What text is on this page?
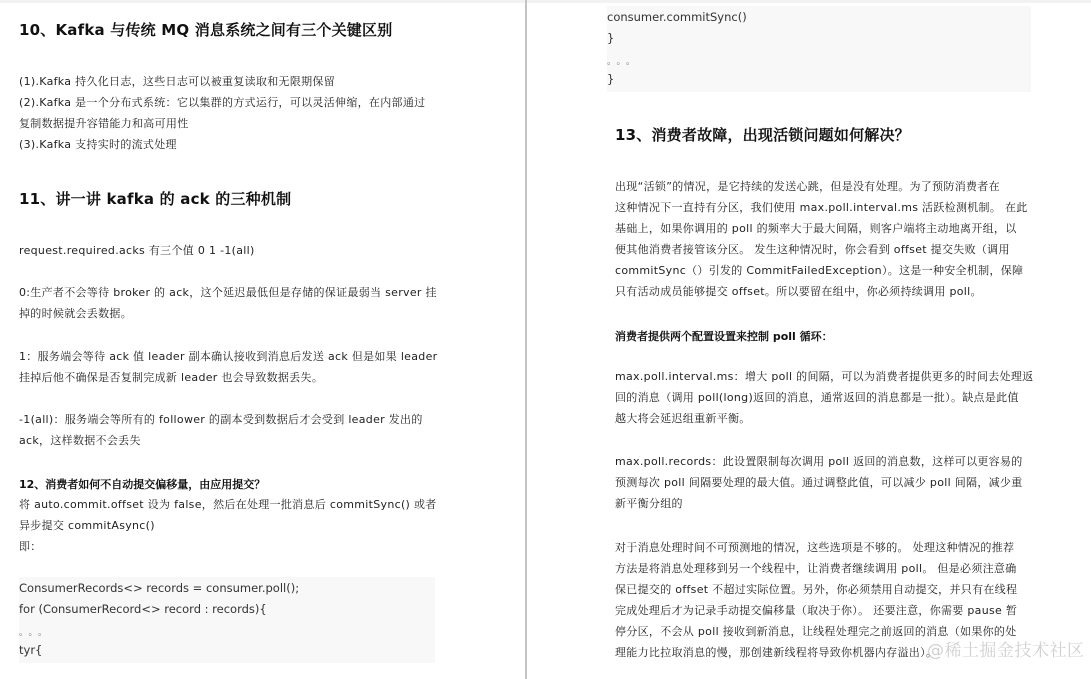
10、Kafka 与传统 MQ 消息系统之间有三个关键区别
(1).Kafka 持久化日志，这些日志可以被重复读取和无限期保留
(2).Kafka 是一个分布式系统：它以集群的方式运行，可以灵活伸缩，在内部通过
复制数据提升容错能力和高可用性
(3).Kafka 支持实时的流式处理
11、讲一讲 kafka 的 ack 的三种机制
request.required.acks 有三个值 0 1 -1(all)
0:生产者不会等待 broker 的 ack，这个延迟最低但是存储的保证最弱当 server 挂
掉的时候就会丢数据。
1：服务端会等待 ack 值 leader 副本确认接收到消息后发送 ack 但是如果 leader
挂掉后他不确保是否复制完成新 leader 也会导致数据丢失。
-1(all)：服务端会等所有的 follower 的副本受到数据后才会受到 leader 发出的
ack，这样数据不会丢失
12、消费者如何不自动提交偏移量，由应用提交？
将 auto.commit.offset 设为 false，然后在处理一批消息后 commitSync() 或者
异步提交 commitAsync()
即：
ConsumerRecords<> records = consumer.poll();
for (ConsumerRecord<> record : records){
。。。
tyr{
consumer.commitSync()
}
。。。
}
13、消费者故障，出现活锁问题如何解决？
出现“活锁”的情况，是它持续的发送心跳，但是没有处理。为了预防消费者在
这种情况下一直持有分区，我们使用 max.poll.interval.ms 活跃检测机制。 在此
基础上，如果你调用的 poll 的频率大于最大间隔，则客户端将主动地离开组，以
便其他消费者接管该分区。 发生这种情况时，你会看到 offset 提交失败（调用
commitSync（）引发的 CommitFailedException）。这是一种安全机制，保障
只有活动成员能够提交 offset。所以要留在组中，你必须持续调用 poll。
消费者提供两个配置设置来控制 poll 循环：
max.poll.interval.ms：增大 poll 的间隔，可以为消费者提供更多的时间去处理返
回的消息（调用 poll(long)返回的消息，通常返回的消息都是一批）。缺点是此值
越大将会延迟组重新平衡。
max.poll.records：此设置限制每次调用 poll 返回的消息数，这样可以更容易的
预测每次 poll 间隔要处理的最大值。通过调整此值，可以减少 poll 间隔，减少重
新平衡分组的
对于消息处理时间不可预测地的情况，这些选项是不够的。 处理这种情况的推荐
方法是将消息处理移到另一个线程中，让消费者继续调用 poll。 但是必须注意确
保已提交的 offset 不超过实际位置。另外，你必须禁用自动提交，并只有在线程
完成处理后才为记录手动提交偏移量（取决于你）。 还要注意，你需要 pause 暂
停分区，不会从 poll 接收到新消息，让线程处理完之前返回的消息（如果你的处
理能力比拉取消息的慢，那创建新线程将导致你机器内存溢出）。
@稀土掘金技术社区
